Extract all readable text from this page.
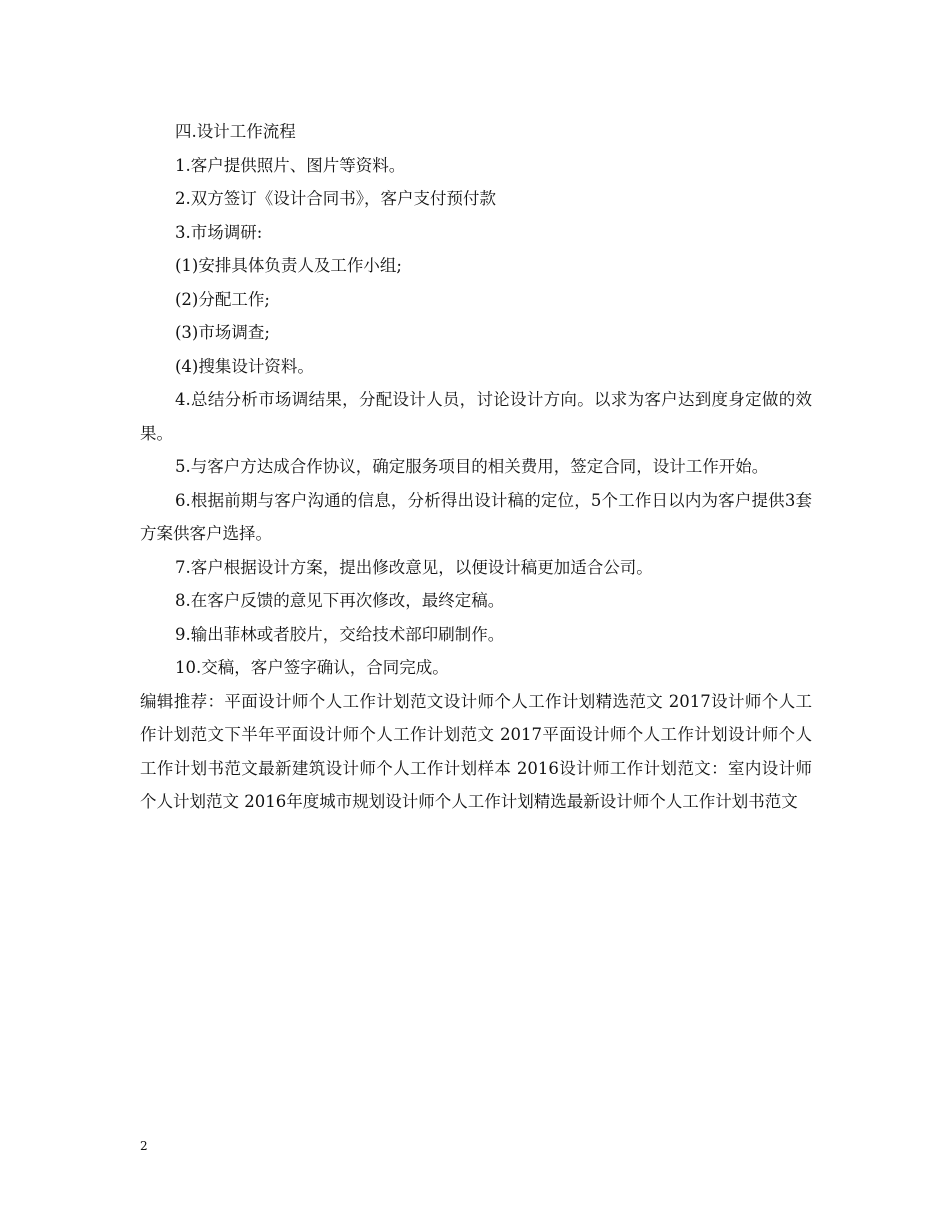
四.设计工作流程

1.客户提供照片、图片等资料。

2.双方签订《设计合同书》，客户支付预付款

3.市场调研:

(1)安排具体负责人及工作小组;

(2)分配工作;

(3)市场调查;

(4)搜集设计资料。

4.总结分析市场调结果，分配设计人员，讨论设计方向。以求为客户达到度身定做的效果。

5.与客户方达成合作协议，确定服务项目的相关费用，签定合同，设计工作开始。

6.根据前期与客户沟通的信息，分析得出设计稿的定位，5个工作日以内为客户提供3套方案供客户选择。

7.客户根据设计方案，提出修改意见，以便设计稿更加适合公司。

8.在客户反馈的意见下再次修改，最终定稿。

9.输出菲林或者胶片，交给技术部印刷制作。

10.交稿，客户签字确认，合同完成。

编辑推荐：平面设计师个人工作计划范文设计师个人工作计划精选范文 2017设计师个人工作计划范文下半年平面设计师个人工作计划范文 2017平面设计师个人工作计划设计师个人工作计划书范文最新建筑设计师个人工作计划样本 2016设计师工作计划范文：室内设计师个人计划范文 2016年度城市规划设计师个人工作计划精选最新设计师个人工作计划书范文

2
